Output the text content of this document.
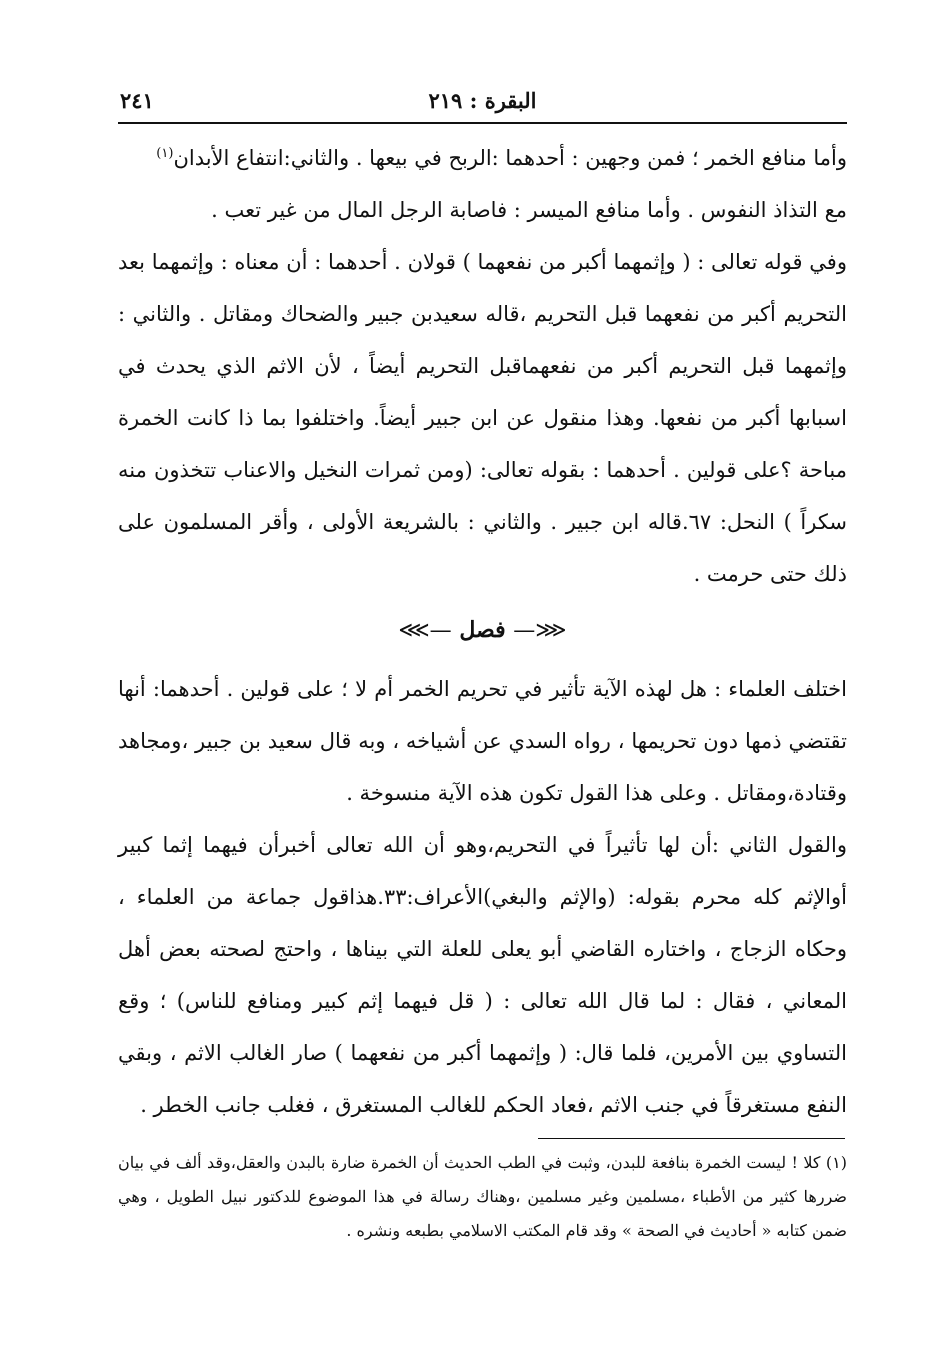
البقرة : ٢١٩
٢٤١

وأما منافع الخمر ؛ فمن وجهين : أحدهما :الربح في بيعها . والثاني:انتفاع الأبدان$^{(١)}$

مع التذاذ النفوس . وأما منافع الميسر : فاصابة الرجل المال من غير تعب .

وفي قوله تعالى : ( وإثمهما أكبر من نفعهما ) قولان . أحدهما : أن معناه : وإثمهما بعد التحريم أكبر من نفعهما قبل التحريم ،قاله سعيدبن جبير والضحاك ومقاتل . والثاني : وإثمهما قبل التحريم أكبر من نفعهماقبل التحريم أيضاً ، لأن الاثم الذي يحدث في اسبابها أكبر من نفعها. وهذا منقول عن ابن جبير أيضاً. واختلفوا بما ذا كانت الخمرة مباحة ؟على قولين . أحدهما : بقوله تعالى: (ومن ثمرات النخيل والاعناب تتخذون منه سكراً ) النحل: ٦٧.قاله ابن جبير . والثاني : بالشريعة الأولى ، وأقر المسلمون على ذلك حتى حرمت .

⋘— فصل —⋙

اختلف العلماء : هل لهذه الآية تأثير في تحريم الخمر أم لا ؛ على قولين . أحدهما: أنها تقتضي ذمها دون تحريمها ، رواه السدي عن أشياخه ، وبه قال سعيد بن جبير ،ومجاهد وقتادة،ومقاتل . وعلى هذا القول تكون هذه الآية منسوخة .

والقول الثاني :أن لها تأثيراً في التحريم،وهو أن الله تعالى أخبرأن فيهما إثما كبير أوالإثم كله محرم بقوله: (والإثم والبغي)الأعراف:٣٣.هذاقول جماعة من العلماء ، وحكاه الزجاج ، واختاره القاضي أبو يعلى للعلة التي بيناها ، واحتج لصحته بعض أهل المعاني ، فقال : لما قال الله تعالى : ( قل فيهما إثم كبير ومنافع للناس) ؛ وقع التساوي بين الأمرين، فلما قال: ( وإثمهما أكبر من نفعهما ) صار الغالب الاثم ، وبقي النفع مستغرقاً في جنب الاثم ،فعاد الحكم للغالب المستغرق ، فغلب جانب الخطر .

(١) كلا ! ليست الخمرة بنافعة للبدن، وثبت في الطب الحديث أن الخمرة ضارة بالبدن والعقل،وقد ألف في بيان ضررها كثير من الأطباء ،مسلمين وغير مسلمين ،وهناك رسالة في هذا الموضوع للدكتور نبيل الطويل ، وهي ضمن كتابه « أحاديث في الصحة » وقد قام المكتب الاسلامي بطبعه ونشره .
